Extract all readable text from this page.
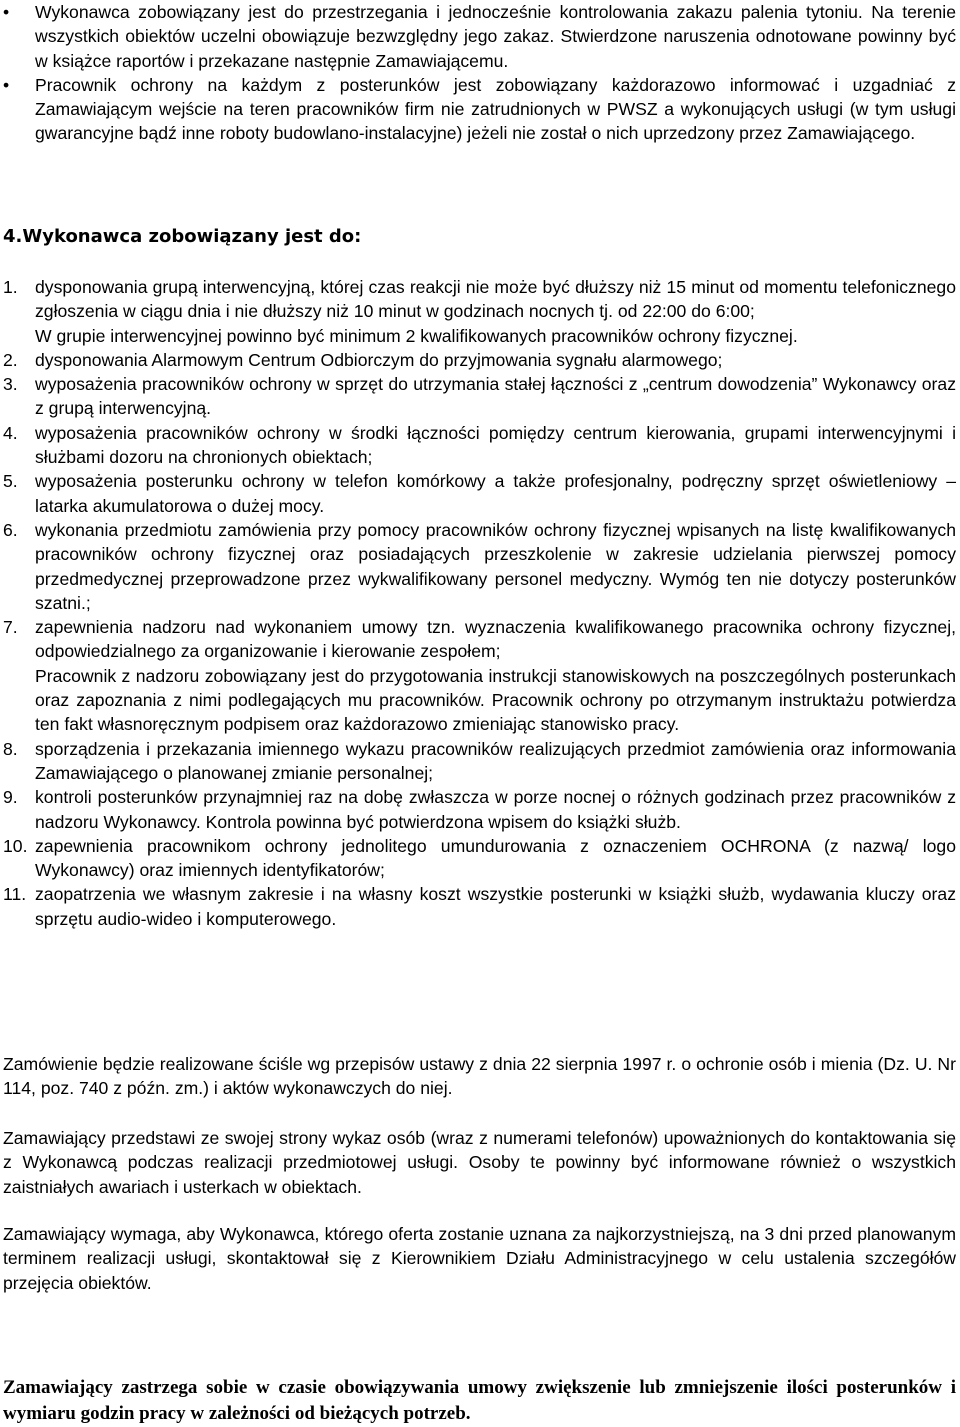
• Wykonawca zobowiązany jest do przestrzegania i jednocześnie kontrolowania zakazu palenia tytoniu. Na terenie wszystkich obiektów uczelni obowiązuje bezwzględny jego zakaz. Stwierdzone naruszenia odnotowane powinny być w książce raportów i przekazane następnie Zamawiającemu.
• Pracownik ochrony na każdym z posterunków jest zobowiązany każdorazowo informować i uzgadniać z Zamawiającym wejście na teren pracowników firm nie zatrudnionych w PWSZ a wykonujących usługi (w tym usługi gwarancyjne bądź inne roboty budowlano-instalacyjne) jeżeli nie został o nich uprzedzony przez Zamawiającego.
4.Wykonawca zobowiązany jest do:
1. dysponowania grupą interwencyjną, której czas reakcji nie może być dłuższy niż 15 minut od momentu telefonicznego zgłoszenia w ciągu dnia i nie dłuższy niż 10 minut w godzinach nocnych tj. od 22:00 do 6:00;
W grupie interwencyjnej powinno być minimum 2 kwalifikowanych pracowników ochrony fizycznej.
2. dysponowania Alarmowym Centrum Odbiorczym do przyjmowania sygnału alarmowego;
3. wyposażenia pracowników ochrony w sprzęt do utrzymania stałej łączności z „centrum dowodzenia” Wykonawcy oraz z grupą interwencyjną.
4. wyposażenia pracowników ochrony w środki łączności pomiędzy centrum kierowania, grupami interwencyjnymi i służbami dozoru na chronionych obiektach;
5. wyposażenia posterunku ochrony w telefon komórkowy a także profesjonalny, podręczny sprzęt oświetleniowy – latarka akumulatorowa o dużej mocy.
6. wykonania przedmiotu zamówienia przy pomocy pracowników ochrony fizycznej wpisanych na listę kwalifikowanych pracowników ochrony fizycznej oraz posiadających przeszkolenie w zakresie udzielania pierwszej pomocy przedmedycznej przeprowadzone przez wykwalifikowany personel medyczny. Wymóg ten nie dotyczy posterunków szatni.;
7. zapewnienia nadzoru nad wykonaniem umowy tzn. wyznaczenia kwalifikowanego pracownika ochrony fizycznej, odpowiedzialnego za organizowanie i kierowanie zespołem;
Pracownik z nadzoru zobowiązany jest do przygotowania instrukcji stanowiskowych na poszczególnych posterunkach oraz zapoznania z nimi podlegających mu pracowników. Pracownik ochrony po otrzymanym instruktażu potwierdza ten fakt własnoręcznym podpisem oraz każdorazowo zmieniając stanowisko pracy.
8. sporządzenia i przekazania imiennego wykazu pracowników realizujących przedmiot zamówienia oraz informowania Zamawiającego o planowanej zmianie personalnej;
9. kontroli posterunków przynajmniej raz na dobę zwłaszcza w porze nocnej o różnych godzinach przez pracowników z nadzoru Wykonawcy. Kontrola powinna być potwierdzona wpisem do książki służb.
10. zapewnienia pracownikom ochrony jednolitego umundurowania z oznaczeniem OCHRONA (z nazwą/ logo Wykonawcy) oraz imiennych identyfikatorów;
11. zaopatrzenia we własnym zakresie i na własny koszt wszystkie posterunki w książki służb, wydawania kluczy oraz sprzętu audio-wideo i komputerowego.
Zamówienie będzie realizowane ściśle wg przepisów ustawy z dnia 22 sierpnia 1997 r. o ochronie osób i mienia (Dz. U. Nr 114, poz. 740 z późn. zm.) i aktów wykonawczych do niej.
Zamawiający przedstawi ze swojej strony wykaz osób (wraz z numerami telefonów) upoważnionych do kontaktowania się z Wykonawcą podczas realizacji przedmiotowej usługi. Osoby te powinny być informowane również o wszystkich zaistniałych awariach i usterkach w obiektach.
Zamawiający wymaga, aby Wykonawca, którego oferta zostanie uznana za najkorzystniejszą, na 3 dni przed planowanym terminem realizacji usługi, skontaktował się z Kierownikiem Działu Administracyjnego w celu ustalenia szczegółów przejęcia obiektów.
Zamawiający zastrzega sobie w czasie obowiązywania umowy zwiększenie lub zmniejszenie ilości posterunków i wymiaru godzin pracy w zależności od bieżących potrzeb.
